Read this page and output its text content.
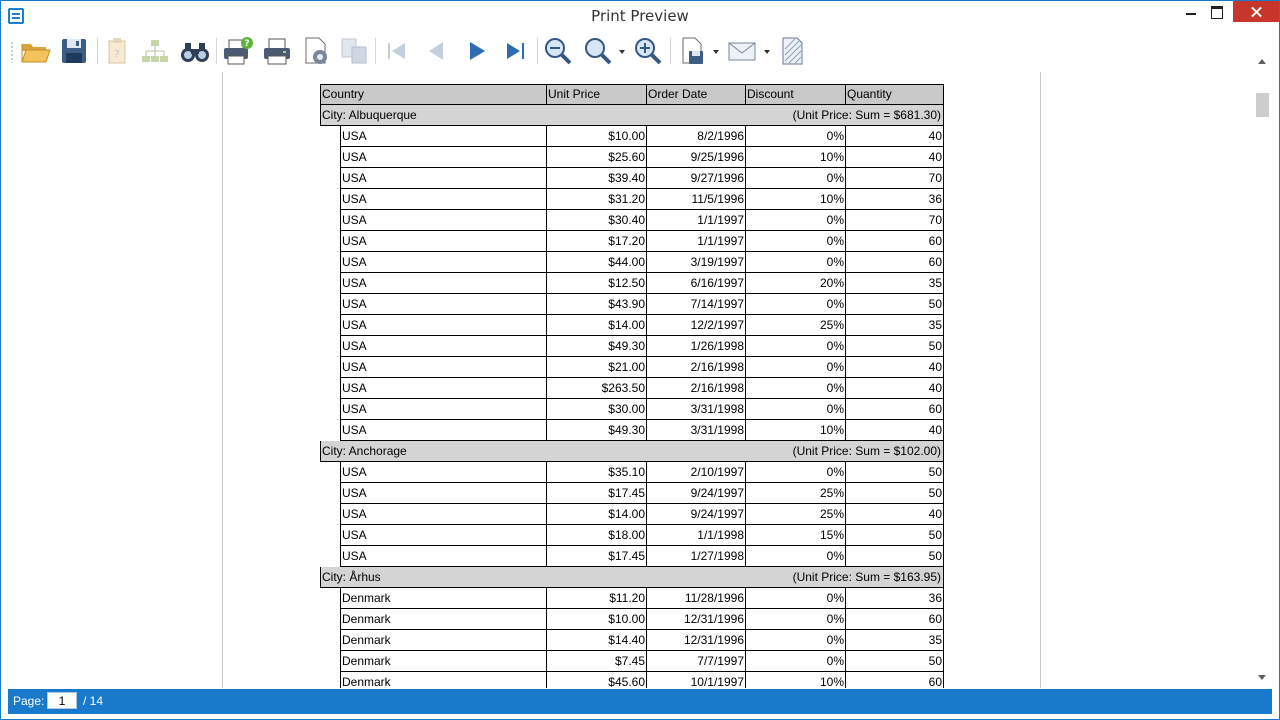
Print Preview
?
?
Country	Unit Price	Order Date	Discount	Quantity
City: Albuquerque	(Unit Price: Sum = $681.30)
USA	$10.00	8/2/1996	0%	40
USA	$25.60	9/25/1996	10%	40
USA	$39.40	9/27/1996	0%	70
USA	$31.20	11/5/1996	10%	36
USA	$30.40	1/1/1997	0%	70
USA	$17.20	1/1/1997	0%	60
USA	$44.00	3/19/1997	0%	60
USA	$12.50	6/16/1997	20%	35
USA	$43.90	7/14/1997	0%	50
USA	$14.00	12/2/1997	25%	35
USA	$49.30	1/26/1998	0%	50
USA	$21.00	2/16/1998	0%	40
USA	$263.50	2/16/1998	0%	40
USA	$30.00	3/31/1998	0%	60
USA	$49.30	3/31/1998	10%	40
City: Anchorage	(Unit Price: Sum = $102.00)
USA	$35.10	2/10/1997	0%	50
USA	$17.45	9/24/1997	25%	50
USA	$14.00	9/24/1997	25%	40
USA	$18.00	1/1/1998	15%	50
USA	$17.45	1/27/1998	0%	50
City: Århus	(Unit Price: Sum = $163.95)
Denmark	$11.20	11/28/1996	0%	36
Denmark	$10.00	12/31/1996	0%	60
Denmark	$14.40	12/31/1996	0%	35
Denmark	$7.45	7/7/1997	0%	50
Denmark	$45.60	10/1/1997	10%	60
Page:
1	/ 14
